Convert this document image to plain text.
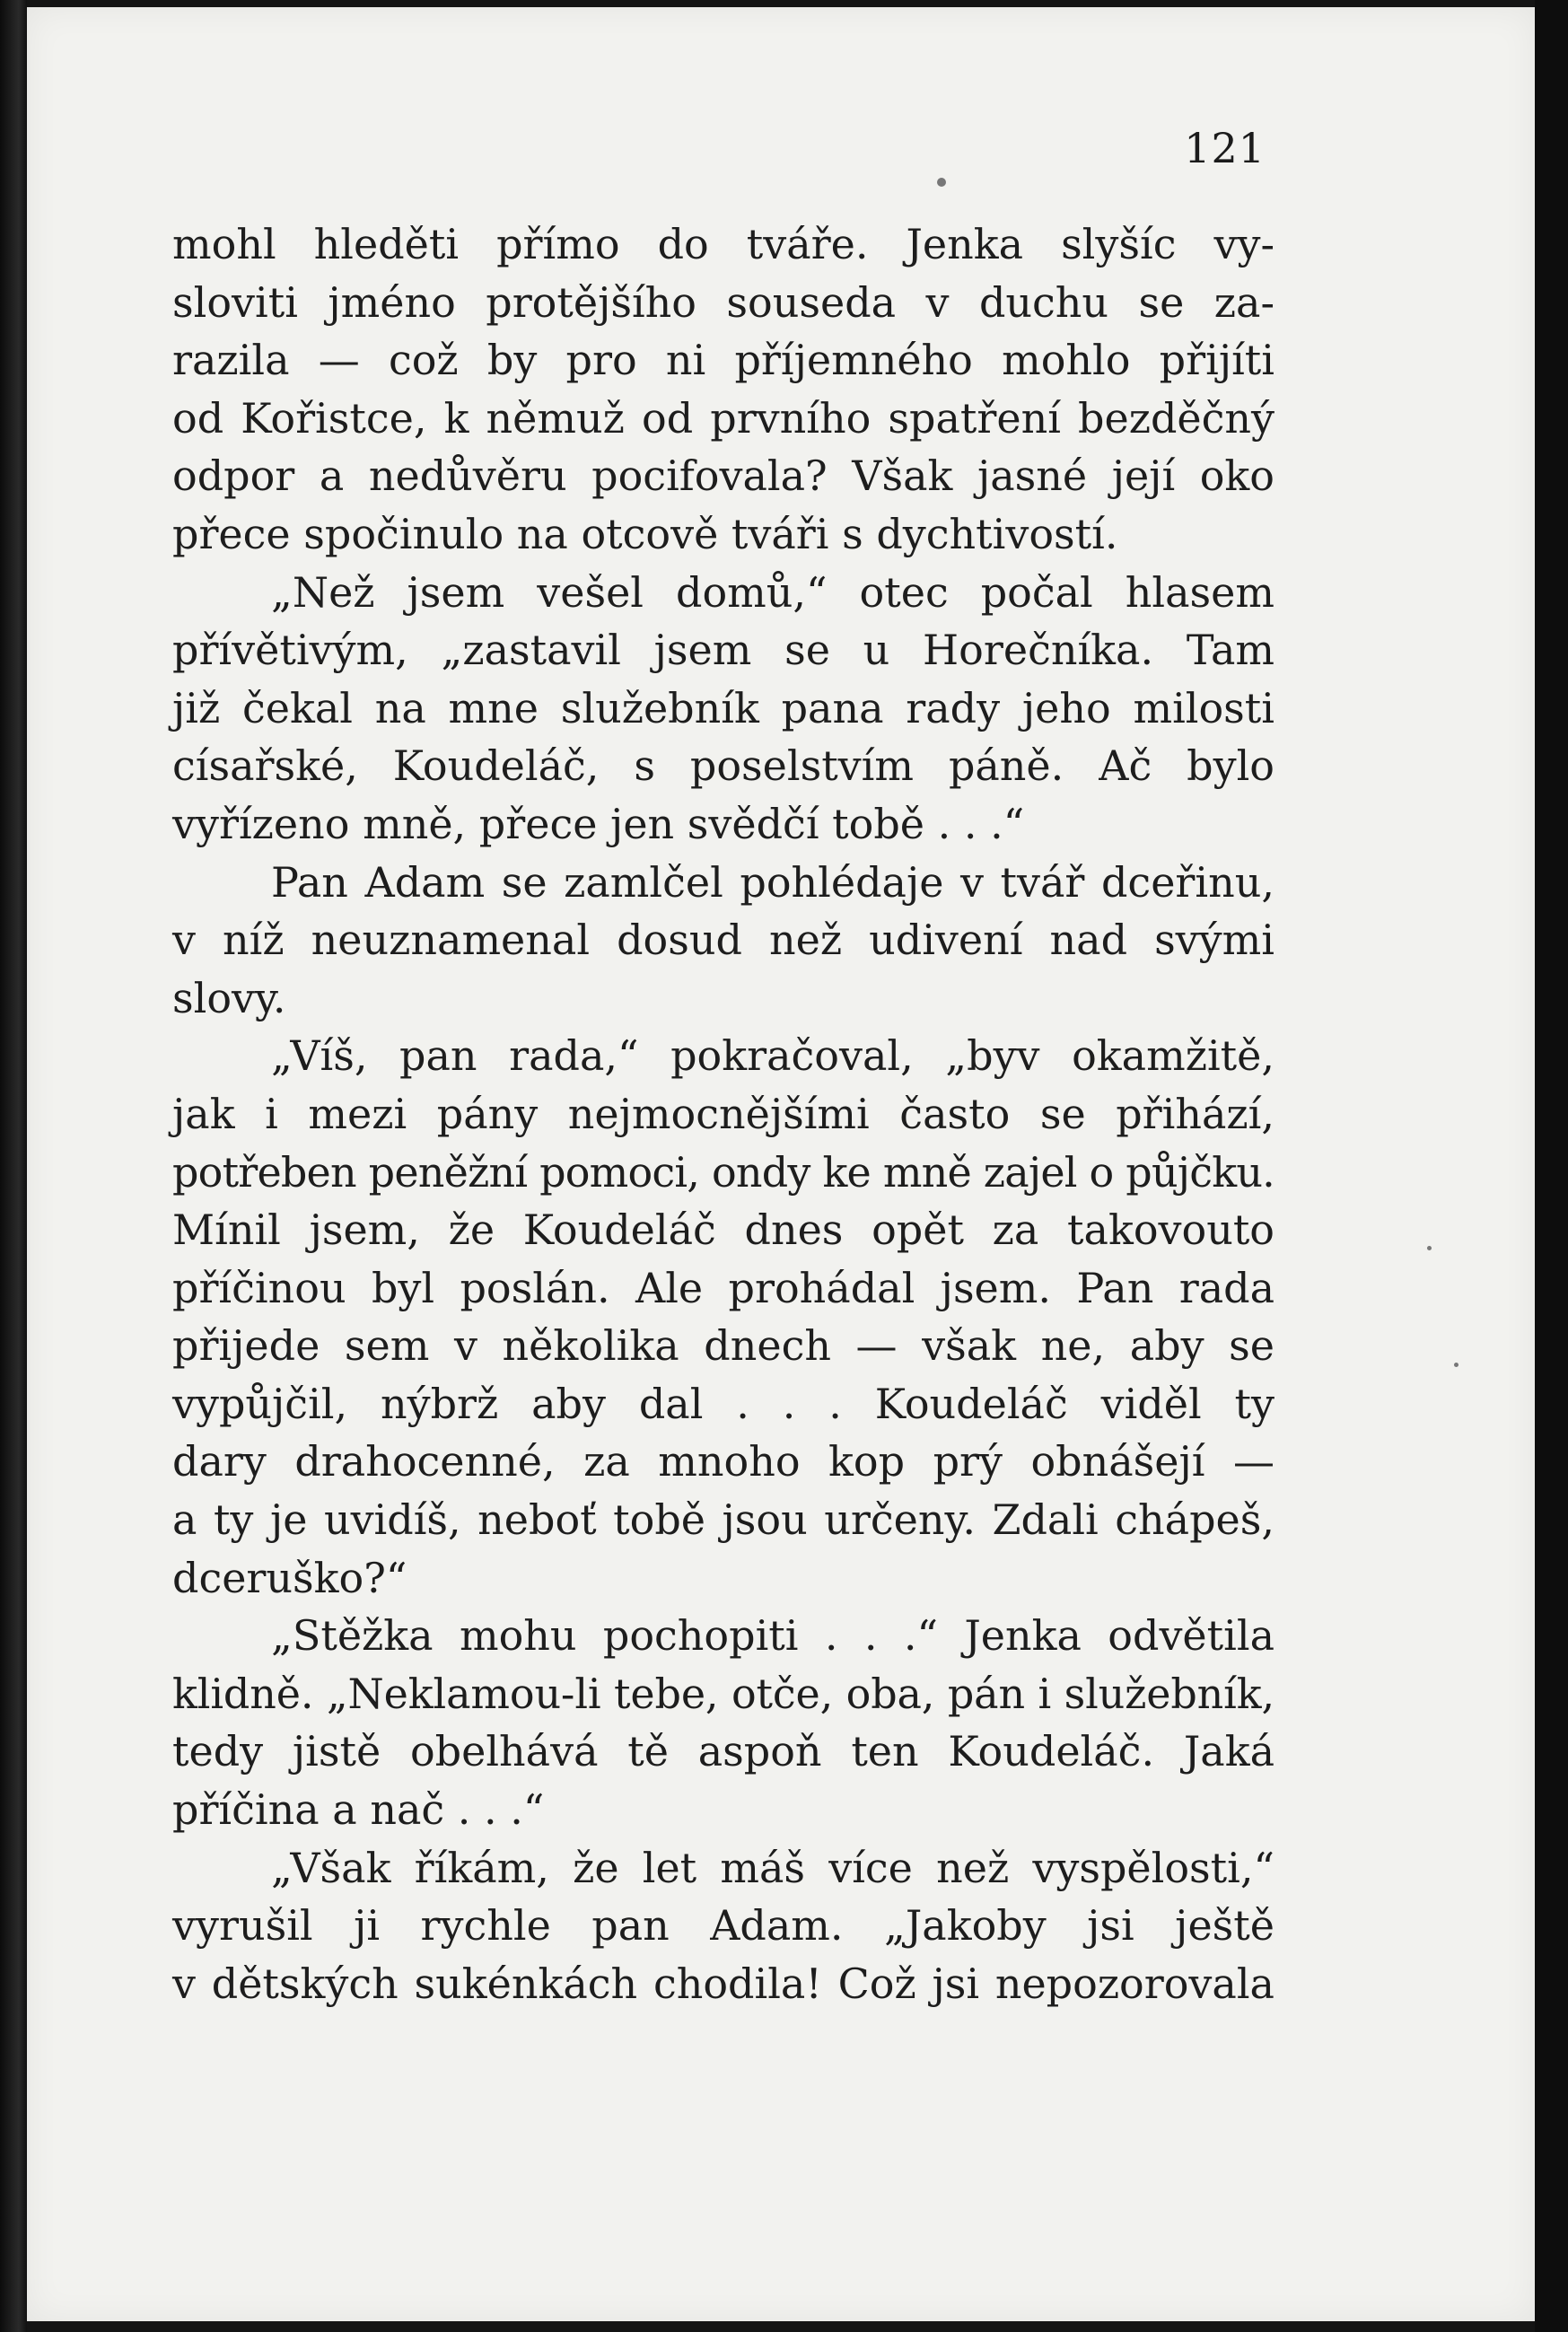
121
mohl hleděti přímo do tváře. Jenka slyšíc vy-
sloviti jméno protějšího souseda v duchu se za-
razila — což by pro ni příjemného mohlo přijíti
od Kořistce, k němuž od prvního spatření bezděčný
odpor a nedůvěru pocifovala? Však jasné její oko
přece spočinulo na otcově tváři s dychtivostí.
„Než jsem vešel domů,“ otec počal hlasem
přívětivým, „zastavil jsem se u Horečníka. Tam
již čekal na mne služebník pana rady jeho milosti
císařské, Koudeláč, s poselstvím páně. Ač bylo
vyřízeno mně, přece jen svědčí tobě . . .“
Pan Adam se zamlčel pohlédaje v tvář dceřinu,
v níž neuznamenal dosud než udivení nad svými
slovy.
„Víš, pan rada,“ pokračoval, „byv okamžitě,
jak i mezi pány nejmocnějšími často se přihází,
potřeben peněžní pomoci, ondy ke mně zajel o půjčku.
Mínil jsem, že Koudeláč dnes opět za takovouto
příčinou byl poslán. Ale prohádal jsem. Pan rada
přijede sem v několika dnech — však ne, aby se
vypůjčil, nýbrž aby dal . . . Koudeláč viděl ty
dary drahocenné, za mnoho kop prý obnášejí —
a ty je uvidíš, neboť tobě jsou určeny. Zdali chápeš,
dceruško?“
„Stěžka mohu pochopiti . . .“ Jenka odvětila
klidně. „Neklamou-li tebe, otče, oba, pán i služebník,
tedy jistě obelhává tě aspoň ten Koudeláč. Jaká
příčina a nač . . .“
„Však říkám, že let máš více než vyspělosti,“
vyrušil ji rychle pan Adam. „Jakoby jsi ještě
v dětských sukénkách chodila! Což jsi nepozorovala
